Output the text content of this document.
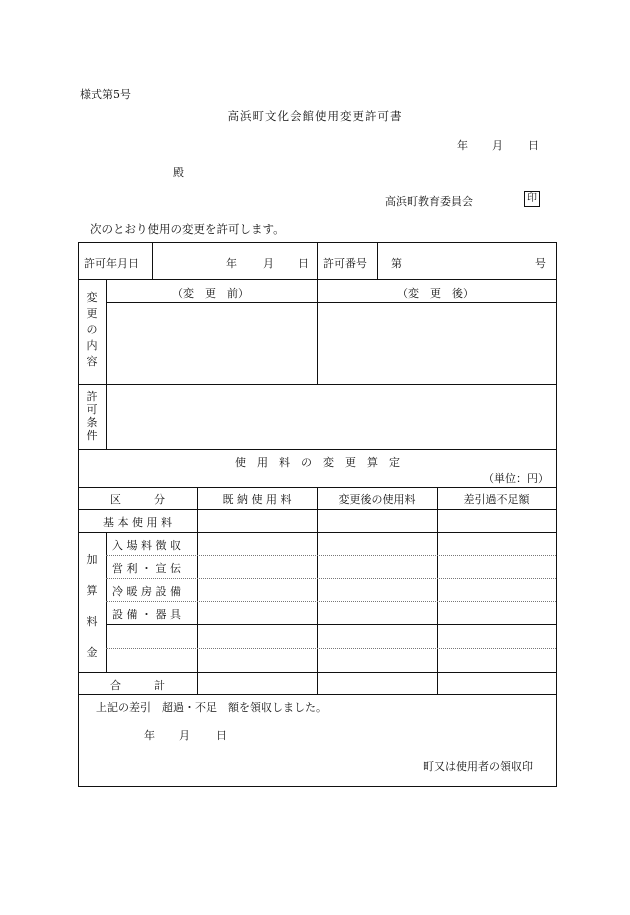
様式第5号
高浜町文化会館使用変更許可書
年 月 日
殿
高浜町教育委員会	印
次のとおり使用の変更を許可します。
許可年月日	年 月 日 許可番号 第	号
変
更
の
内
容
（変　更　前）	（変　更　後）
許
可
条
件
使　用　料　の　変　更　算　定
（単位：円）
区　　　分	既 納 使 用 料	変更後の使用料	差引過不足額
基 本 使 用 料
加
算
料
金
入 場 料 徴 収
営 利 ・ 宣 伝
冷 暖 房 設 備
設 備 ・ 器 具
合　　　計
上記の差引　超過・不足　額を領収しました。
年 月 日
町又は使用者の領収印
